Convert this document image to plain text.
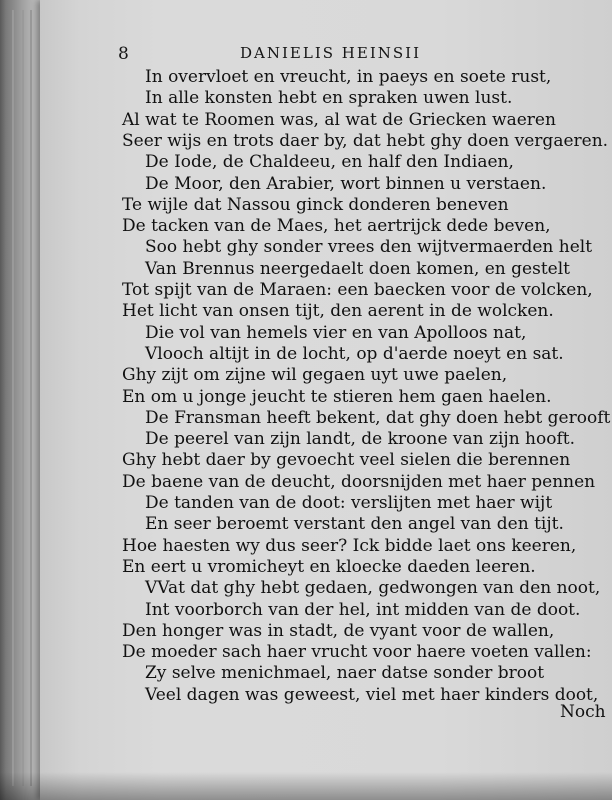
8	DANIELIS HEINSII
In overvloet en vreucht, in paeys en soete rust,
In alle konsten hebt en spraken uwen lust.
Al wat te Roomen was, al wat de Griecken waeren
Seer wijs en trots daer by, dat hebt ghy doen vergaeren.
De Iode, de Chaldeeu, en half den Indiaen,
De Moor, den Arabier, wort binnen u verstaen.
Te wijle dat Nassou ginck donderen beneven
De tacken van de Maes, het aertrijck dede beven,
Soo hebt ghy sonder vrees den wijtvermaerden helt
Van Brennus neergedaelt doen komen, en gestelt
Tot spijt van de Maraen: een baecken voor de volcken,
Het licht van onsen tijt, den aerent in de wolcken.
Die vol van hemels vier en van Apolloos nat,
Vlooch altijt in de locht, op d'aerde noeyt en sat.
Ghy zijt om zijne wil gegaen uyt uwe paelen,
En om u jonge jeucht te stieren hem gaen haelen.
De Fransman heeft bekent, dat ghy doen hebt gerooft
De peerel van zijn landt, de kroone van zijn hooft.
Ghy hebt daer by gevoecht veel sielen die berennen
De baene van de deucht, doorsnijden met haer pennen
De tanden van de doot: verslijten met haer wijt
En seer beroemt verstant den angel van den tijt.
Hoe haesten wy dus seer? Ick bidde laet ons keeren,
En eert u vromicheyt en kloecke daeden leeren.
VVat dat ghy hebt gedaen, gedwongen van den noot,
Int voorborch van der hel, int midden van de doot.
Den honger was in stadt, de vyant voor de wallen,
De moeder sach haer vrucht voor haere voeten vallen:
Zy selve menichmael, naer datse sonder broot
Veel dagen was geweest, viel met haer kinders doot,
Noch
